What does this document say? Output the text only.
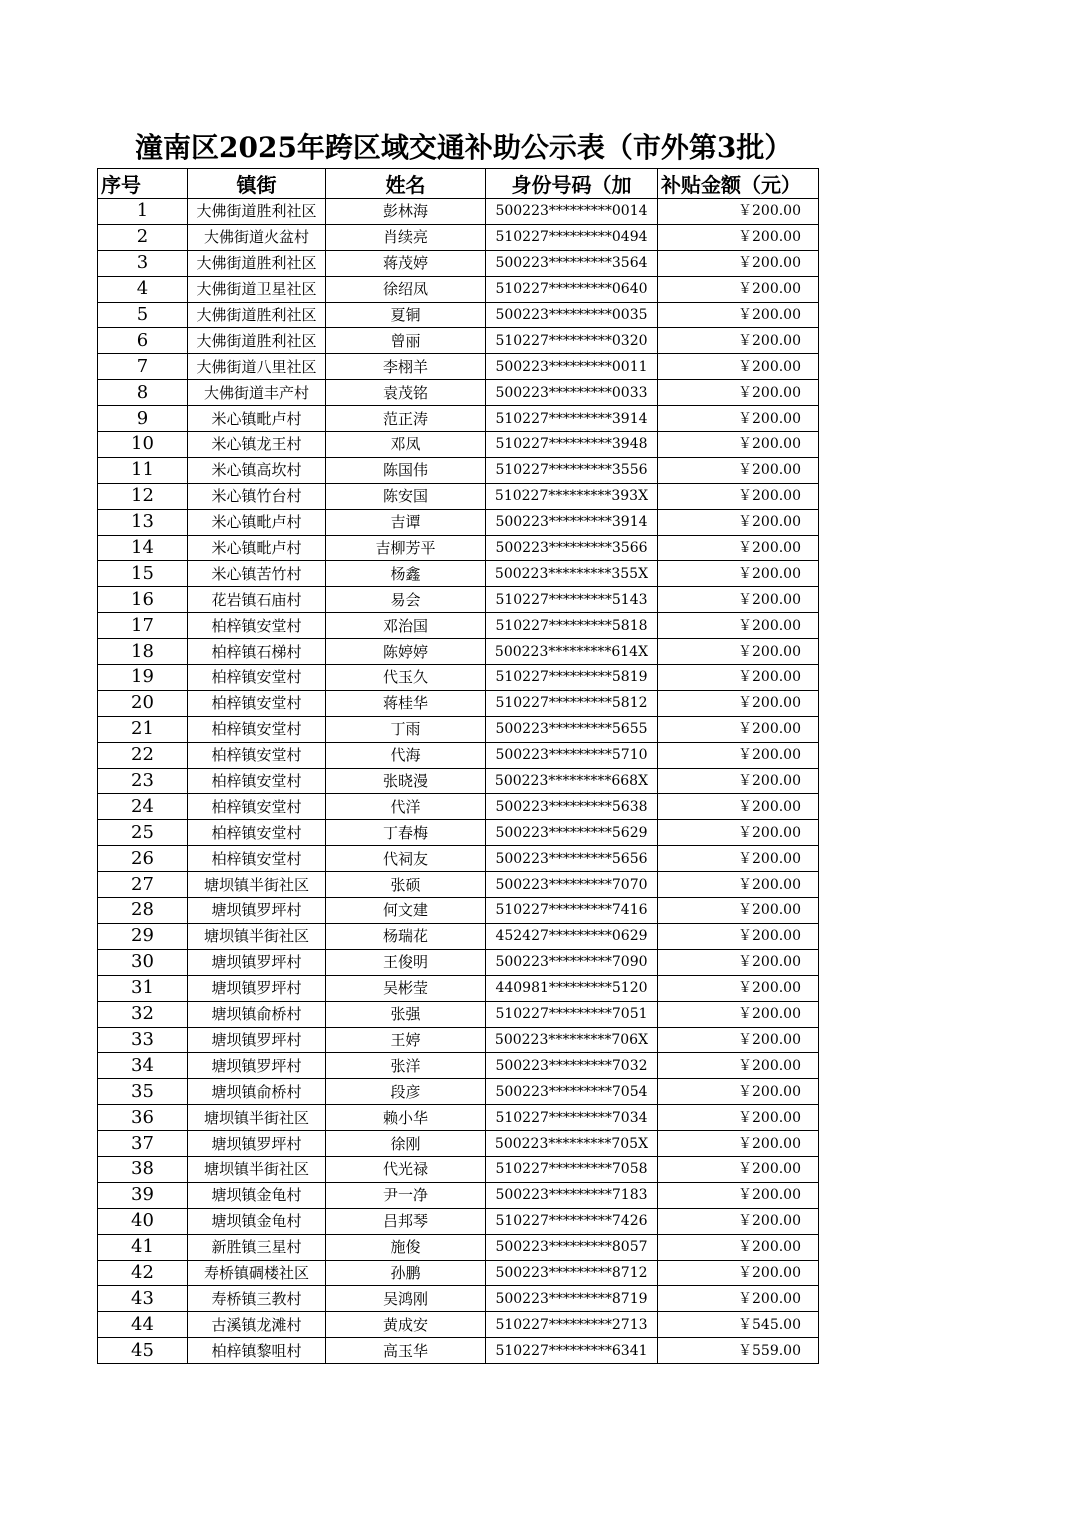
潼南区2025年跨区域交通补助公示表（市外第3批）
序号	镇街	姓名	身份号码（加	补贴金额（元）
1	大佛街道胜利社区	彭林海	500223*********0014	￥200.00
2	大佛街道火盆村	肖续亮	510227*********0494	￥200.00
3	大佛街道胜利社区	蒋茂婷	500223*********3564	￥200.00
4	大佛街道卫星社区	徐绍凤	510227*********0640	￥200.00
5	大佛街道胜利社区	夏铜	500223*********0035	￥200.00
6	大佛街道胜利社区	曾丽	510227*********0320	￥200.00
7	大佛街道八里社区	李栩羊	500223*********0011	￥200.00
8	大佛街道丰产村	袁茂铭	500223*********0033	￥200.00
9	米心镇毗卢村	范正涛	510227*********3914	￥200.00
10	米心镇龙王村	邓凤	510227*********3948	￥200.00
11	米心镇高坎村	陈国伟	510227*********3556	￥200.00
12	米心镇竹台村	陈安国	510227*********393X	￥200.00
13	米心镇毗卢村	吉谭	500223*********3914	￥200.00
14	米心镇毗卢村	吉柳芳平	500223*********3566	￥200.00
15	米心镇苦竹村	杨鑫	500223*********355X	￥200.00
16	花岩镇石庙村	易会	510227*********5143	￥200.00
17	柏梓镇安堂村	邓治国	510227*********5818	￥200.00
18	柏梓镇石梯村	陈婷婷	500223*********614X	￥200.00
19	柏梓镇安堂村	代玉久	510227*********5819	￥200.00
20	柏梓镇安堂村	蒋桂华	510227*********5812	￥200.00
21	柏梓镇安堂村	丁雨	500223*********5655	￥200.00
22	柏梓镇安堂村	代海	500223*********5710	￥200.00
23	柏梓镇安堂村	张晓漫	500223*********668X	￥200.00
24	柏梓镇安堂村	代洋	500223*********5638	￥200.00
25	柏梓镇安堂村	丁春梅	500223*********5629	￥200.00
26	柏梓镇安堂村	代祠友	500223*********5656	￥200.00
27	塘坝镇半街社区	张硕	500223*********7070	￥200.00
28	塘坝镇罗坪村	何文建	510227*********7416	￥200.00
29	塘坝镇半街社区	杨瑞花	452427*********0629	￥200.00
30	塘坝镇罗坪村	王俊明	500223*********7090	￥200.00
31	塘坝镇罗坪村	吴彬莹	440981*********5120	￥200.00
32	塘坝镇俞桥村	张强	510227*********7051	￥200.00
33	塘坝镇罗坪村	王婷	500223*********706X	￥200.00
34	塘坝镇罗坪村	张洋	500223*********7032	￥200.00
35	塘坝镇俞桥村	段彦	500223*********7054	￥200.00
36	塘坝镇半街社区	赖小华	510227*********7034	￥200.00
37	塘坝镇罗坪村	徐刚	500223*********705X	￥200.00
38	塘坝镇半街社区	代光禄	510227*********7058	￥200.00
39	塘坝镇金龟村	尹一净	500223*********7183	￥200.00
40	塘坝镇金龟村	吕邦琴	510227*********7426	￥200.00
41	新胜镇三星村	施俊	500223*********8057	￥200.00
42	寿桥镇碉楼社区	孙鹏	500223*********8712	￥200.00
43	寿桥镇三教村	吴鸿刚	500223*********8719	￥200.00
44	古溪镇龙滩村	黄成安	510227*********2713	￥545.00
45	柏梓镇黎咀村	高玉华	510227*********6341	￥559.00
